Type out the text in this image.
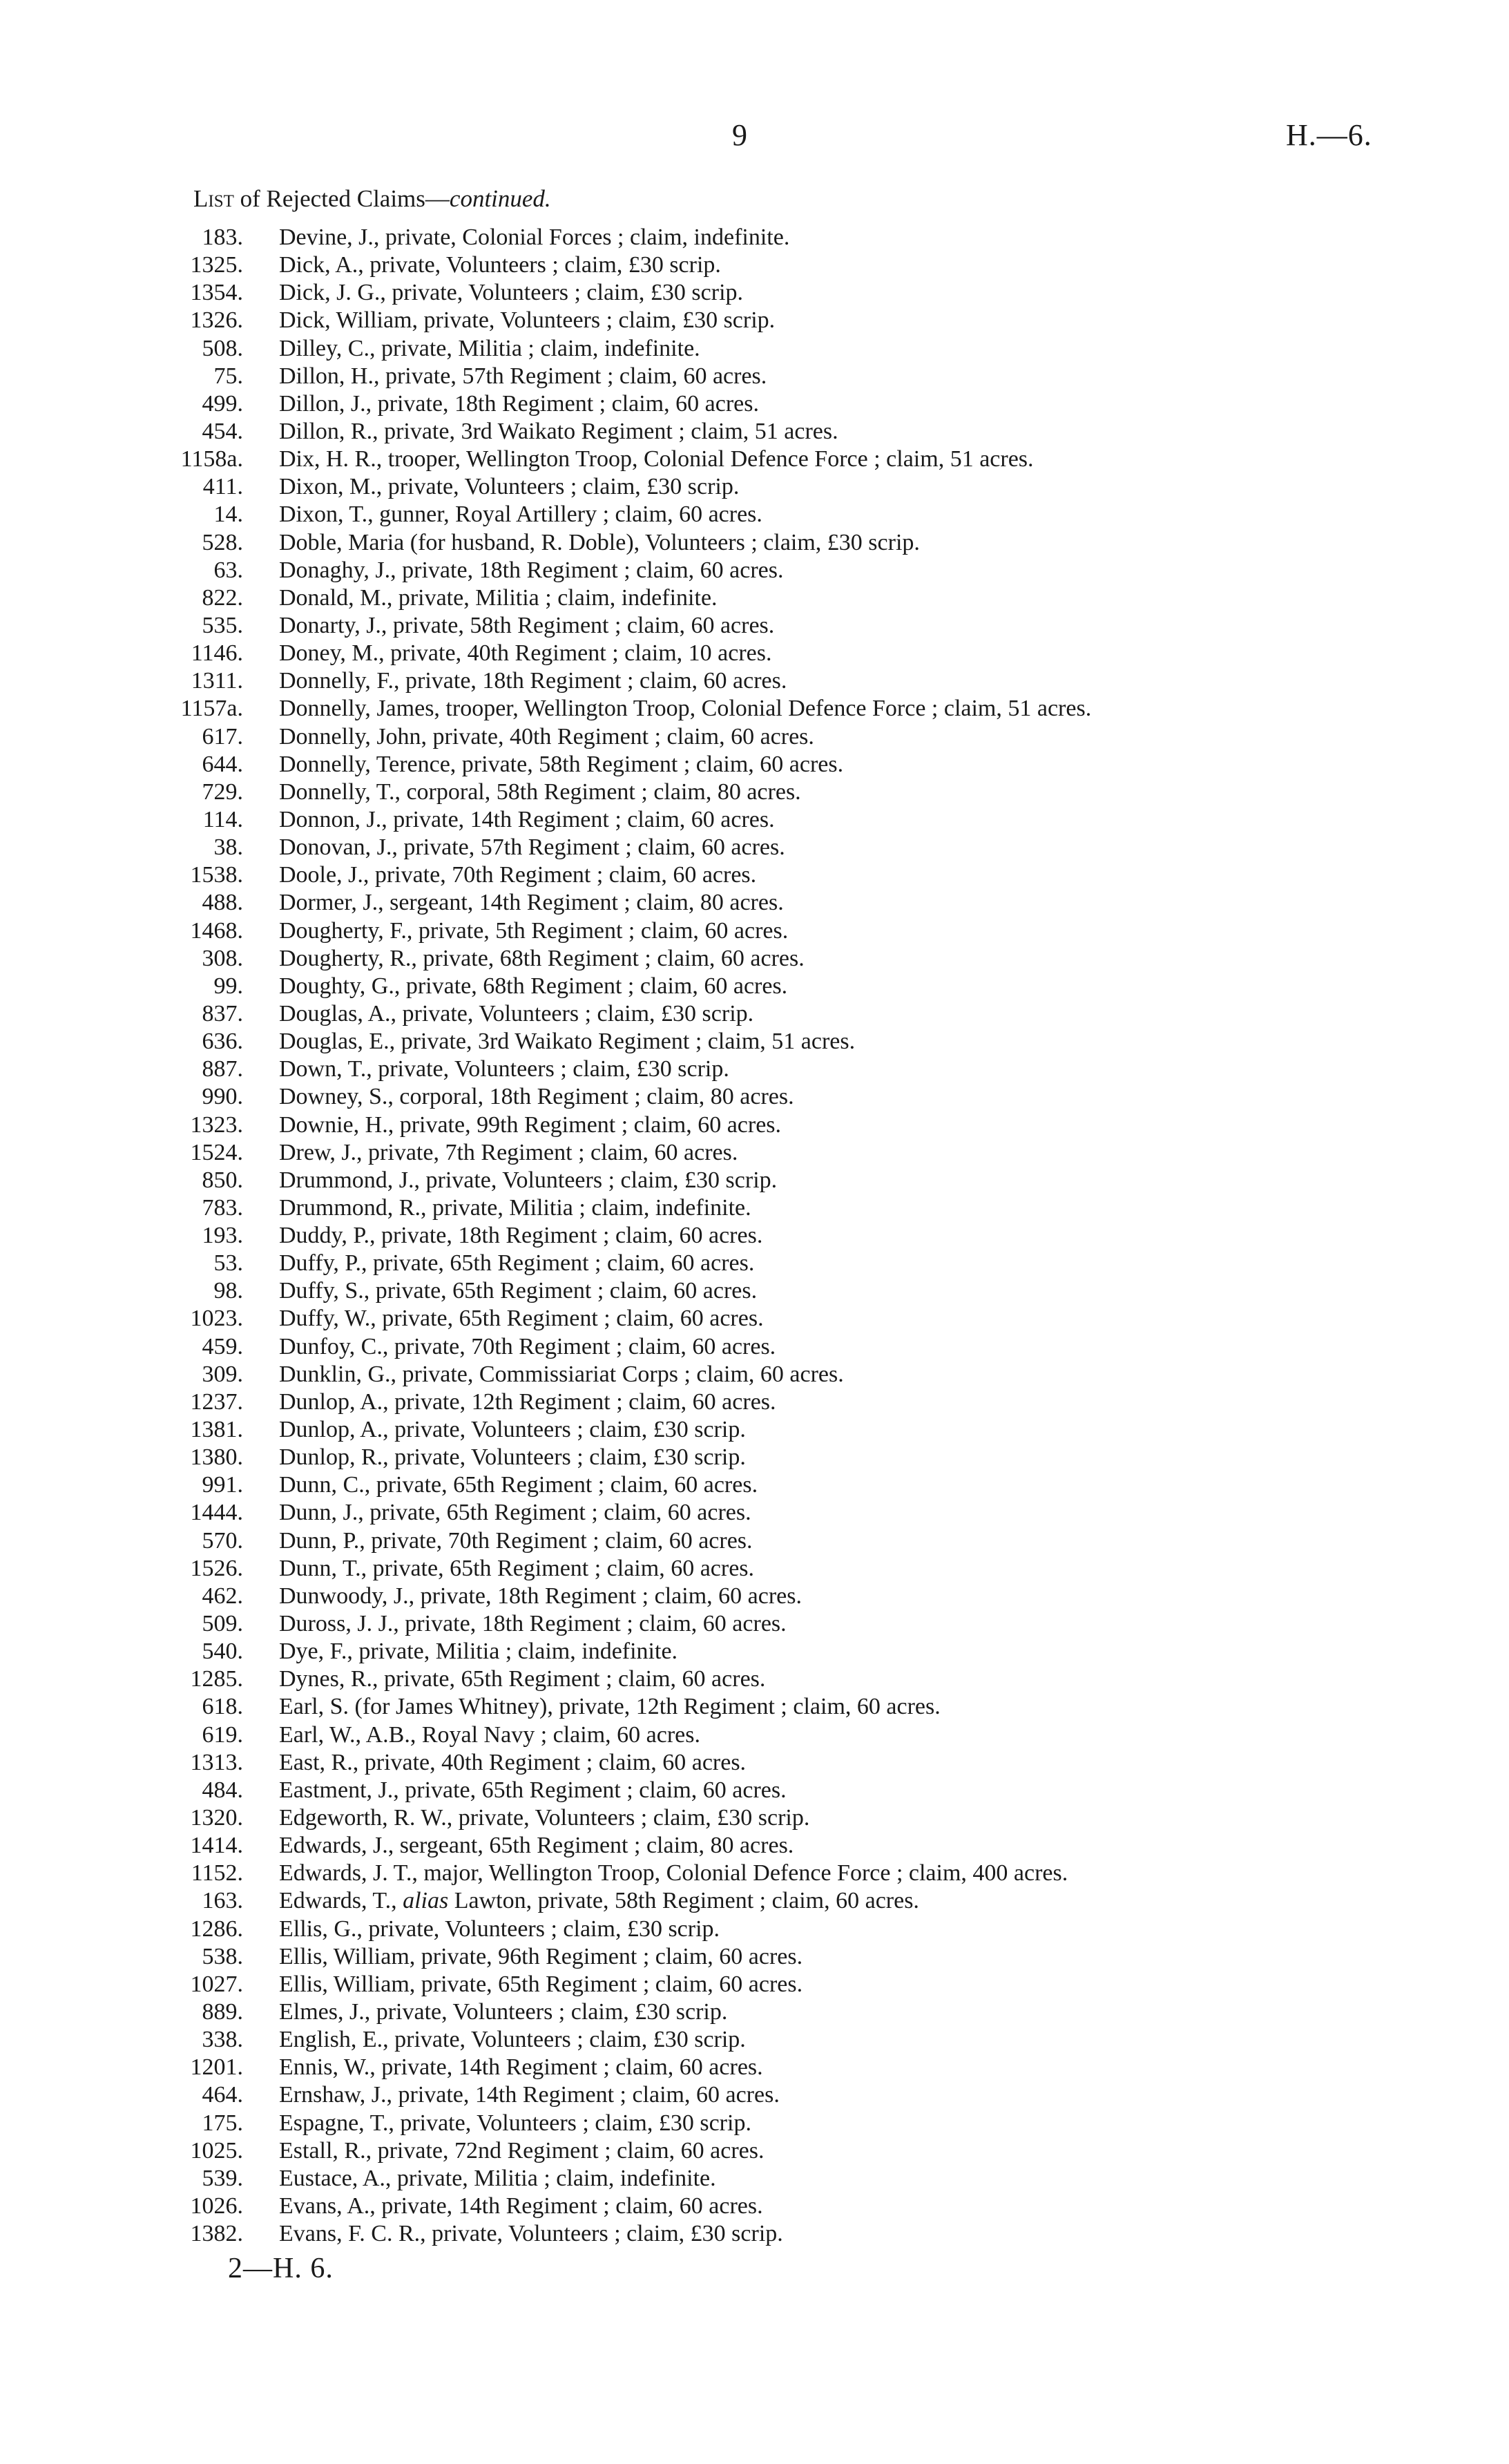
9	H.—6.
List of Rejected Claims—continued.
183.	Devine, J., private, Colonial Forces ; claim, indefinite.
1325.	Dick, A., private, Volunteers ; claim, £30 scrip.
1354.	Dick, J. G., private, Volunteers ; claim, £30 scrip.
1326.	Dick, William, private, Volunteers ; claim, £30 scrip.
508.	Dilley, C., private, Militia ; claim, indefinite.
75.	Dillon, H., private, 57th Regiment ; claim, 60 acres.
499.	Dillon, J., private, 18th Regiment ; claim, 60 acres.
454.	Dillon, R., private, 3rd Waikato Regiment ; claim, 51 acres.
1158a.	Dix, H. R., trooper, Wellington Troop, Colonial Defence Force ; claim, 51 acres.
411.	Dixon, M., private, Volunteers ; claim, £30 scrip.
14.	Dixon, T., gunner, Royal Artillery ; claim, 60 acres.
528.	Doble, Maria (for husband, R. Doble), Volunteers ; claim, £30 scrip.
63.	Donaghy, J., private, 18th Regiment ; claim, 60 acres.
822.	Donald, M., private, Militia ; claim, indefinite.
535.	Donarty, J., private, 58th Regiment ; claim, 60 acres.
1146.	Doney, M., private, 40th Regiment ; claim, 10 acres.
1311.	Donnelly, F., private, 18th Regiment ; claim, 60 acres.
1157a.	Donnelly, James, trooper, Wellington Troop, Colonial Defence Force ; claim, 51 acres.
617.	Donnelly, John, private, 40th Regiment ; claim, 60 acres.
644.	Donnelly, Terence, private, 58th Regiment ; claim, 60 acres.
729.	Donnelly, T., corporal, 58th Regiment ; claim, 80 acres.
114.	Donnon, J., private, 14th Regiment ; claim, 60 acres.
38.	Donovan, J., private, 57th Regiment ; claim, 60 acres.
1538.	Doole, J., private, 70th Regiment ; claim, 60 acres.
488.	Dormer, J., sergeant, 14th Regiment ; claim, 80 acres.
1468.	Dougherty, F., private, 5th Regiment ; claim, 60 acres.
308.	Dougherty, R., private, 68th Regiment ; claim, 60 acres.
99.	Doughty, G., private, 68th Regiment ; claim, 60 acres.
837.	Douglas, A., private, Volunteers ; claim, £30 scrip.
636.	Douglas, E., private, 3rd Waikato Regiment ; claim, 51 acres.
887.	Down, T., private, Volunteers ; claim, £30 scrip.
990.	Downey, S., corporal, 18th Regiment ; claim, 80 acres.
1323.	Downie, H., private, 99th Regiment ; claim, 60 acres.
1524.	Drew, J., private, 7th Regiment ; claim, 60 acres.
850.	Drummond, J., private, Volunteers ; claim, £30 scrip.
783.	Drummond, R., private, Militia ; claim, indefinite.
193.	Duddy, P., private, 18th Regiment ; claim, 60 acres.
53.	Duffy, P., private, 65th Regiment ; claim, 60 acres.
98.	Duffy, S., private, 65th Regiment ; claim, 60 acres.
1023.	Duffy, W., private, 65th Regiment ; claim, 60 acres.
459.	Dunfoy, C., private, 70th Regiment ; claim, 60 acres.
309.	Dunklin, G., private, Commissiariat Corps ; claim, 60 acres.
1237.	Dunlop, A., private, 12th Regiment ; claim, 60 acres.
1381.	Dunlop, A., private, Volunteers ; claim, £30 scrip.
1380.	Dunlop, R., private, Volunteers ; claim, £30 scrip.
991.	Dunn, C., private, 65th Regiment ; claim, 60 acres.
1444.	Dunn, J., private, 65th Regiment ; claim, 60 acres.
570.	Dunn, P., private, 70th Regiment ; claim, 60 acres.
1526.	Dunn, T., private, 65th Regiment ; claim, 60 acres.
462.	Dunwoody, J., private, 18th Regiment ; claim, 60 acres.
509.	Duross, J. J., private, 18th Regiment ; claim, 60 acres.
540.	Dye, F., private, Militia ; claim, indefinite.
1285.	Dynes, R., private, 65th Regiment ; claim, 60 acres.
618.	Earl, S. (for James Whitney), private, 12th Regiment ; claim, 60 acres.
619.	Earl, W., A.B., Royal Navy ; claim, 60 acres.
1313.	East, R., private, 40th Regiment ; claim, 60 acres.
484.	Eastment, J., private, 65th Regiment ; claim, 60 acres.
1320.	Edgeworth, R. W., private, Volunteers ; claim, £30 scrip.
1414.	Edwards, J., sergeant, 65th Regiment ; claim, 80 acres.
1152.	Edwards, J. T., major, Wellington Troop, Colonial Defence Force ; claim, 400 acres.
163.	Edwards, T., alias Lawton, private, 58th Regiment ; claim, 60 acres.
1286.	Ellis, G., private, Volunteers ; claim, £30 scrip.
538.	Ellis, William, private, 96th Regiment ; claim, 60 acres.
1027.	Ellis, William, private, 65th Regiment ; claim, 60 acres.
889.	Elmes, J., private, Volunteers ; claim, £30 scrip.
338.	English, E., private, Volunteers ; claim, £30 scrip.
1201.	Ennis, W., private, 14th Regiment ; claim, 60 acres.
464.	Ernshaw, J., private, 14th Regiment ; claim, 60 acres.
175.	Espagne, T., private, Volunteers ; claim, £30 scrip.
1025.	Estall, R., private, 72nd Regiment ; claim, 60 acres.
539.	Eustace, A., private, Militia ; claim, indefinite.
1026.	Evans, A., private, 14th Regiment ; claim, 60 acres.
1382.	Evans, F. C. R., private, Volunteers ; claim, £30 scrip.
2—H. 6.
